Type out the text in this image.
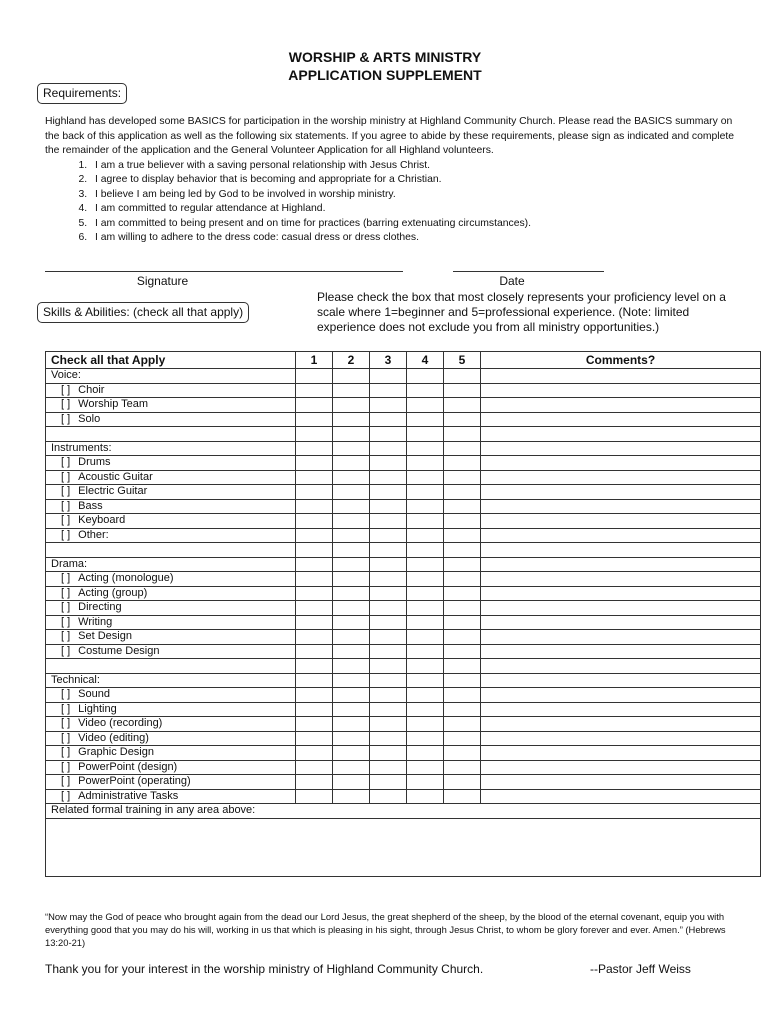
WORSHIP & ARTS MINISTRY
APPLICATION SUPPLEMENT
Requirements:
Highland has developed some BASICS for participation in the worship ministry at Highland Community Church. Please read the BASICS summary on the back of this application as well as the following six statements. If you agree to abide by these requirements, please sign as indicated and complete the remainder of the application and the General Volunteer Application for all Highland volunteers.
1. I am a true believer with a saving personal relationship with Jesus Christ.
2. I agree to display behavior that is becoming and appropriate for a Christian.
3. I believe I am being led by God to be involved in worship ministry.
4. I am committed to regular attendance at Highland.
5. I am committed to being present and on time for practices (barring extenuating circumstances).
6. I am willing to adhere to the dress code: casual dress or dress clothes.
Signature	Date
Skills & Abilities: (check all that apply)
Please check the box that most closely represents your proficiency level on a scale where 1=beginner and 5=professional experience. (Note: limited experience does not exclude you from all ministry opportunities.)
Check all that Apply	1	2	3	4	5	Comments?
Voice:						
[ ] Choir						
[ ] Worship Team						
[ ] Solo						

Instruments:						
[ ] Drums						
[ ] Acoustic Guitar						
[ ] Electric Guitar						
[ ] Bass						
[ ] Keyboard						
[ ] Other:						

Drama:						
[ ] Acting (monologue)						
[ ] Acting (group)						
[ ] Directing						
[ ] Writing						
[ ] Set Design						
[ ] Costume Design						

Technical:						
[ ] Sound						
[ ] Lighting						
[ ] Video (recording)						
[ ] Video (editing)						
[ ] Graphic Design						
[ ] PowerPoint (design)						
[ ] PowerPoint (operating)						
[ ] Administrative Tasks						
Related formal training in any area above:						

“Now may the God of peace who brought again from the dead our Lord Jesus, the great shepherd of the sheep, by the blood of the eternal covenant, equip you with everything good that you may do his will, working in us that which is pleasing in his sight, through Jesus Christ, to whom be glory forever and ever. Amen.” (Hebrews 13:20-21)
Thank you for your interest in the worship ministry of Highland Community Church.	--Pastor Jeff Weiss
